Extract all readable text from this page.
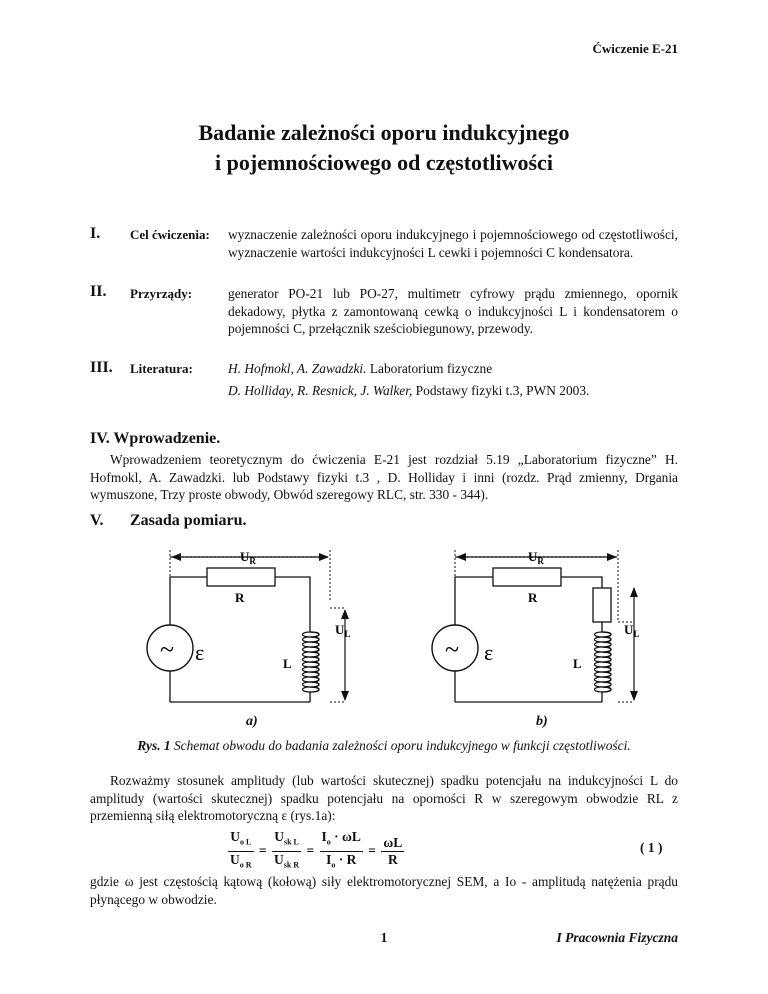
Ćwiczenie E-21
Badanie zależności oporu indukcyjnego
i pojemnościowego od częstotliwości
I. Cel ćwiczenia: wyznaczenie zależności oporu indukcyjnego i pojemnościowego od częstotliwości, wyznaczenie wartości indukcyjności L cewki i pojemności C kondensatora.
II. Przyrządy:	generator PO-21 lub PO-27, multimetr cyfrowy prądu zmiennego, opornik dekadowy, płytka z zamontowaną cewką o indukcyjności L i kondensatorem o pojemności C, przełącznik sześciobiegunowy, przewody.
III. Literatura:	H. Hofmokl, A. Zawadzki. Laboratorium fizyczne
D. Holliday, R. Resnick, J. Walker, Podstawy fizyki t.3, PWN 2003.
IV. Wprowadzenie.
Wprowadzeniem teoretycznym do ćwiczenia E-21 jest rozdział 5.19 „Laboratorium fizyczne” H. Hofmokl, A. Zawadzki. lub Podstawy fizyki t.3 , D. Holliday i inni (rozdz. Prąd zmienny, Drgania wymuszone, Trzy proste obwody, Obwód szeregowy RLC, str. 330 - 344).
V. Zasada pomiaru.
$U_R$
R
~ ε	L
$U_L$
$U_R$
R
~ ε	L
$U_L$
a)	b)
Rys. 1 Schemat obwodu do badania zależności oporu indukcyjnego w funkcji częstotliwości.
Rozważmy stosunek amplitudy (lub wartości skutecznej) spadku potencjału na indukcyjności L do amplitudy (wartości skutecznej) spadku potencjału na oporności R w szeregowym obwodzie RL z przemienną siłą elektromotoryczną ε (rys.1a):
$\frac{U_{o L}}{U_{o R}} = \frac{U_{sk L}}{U_{sk R}} = \frac{I_o \cdot \omega L}{I_o \cdot R} = \frac{\omega L}{R}$	( 1 )
gdzie ω jest częstością kątową (kołową) siły elektromotorycznej SEM, a Io - amplitudą natężenia prądu płynącego w obwodzie.
1	I Pracownia Fizyczna
